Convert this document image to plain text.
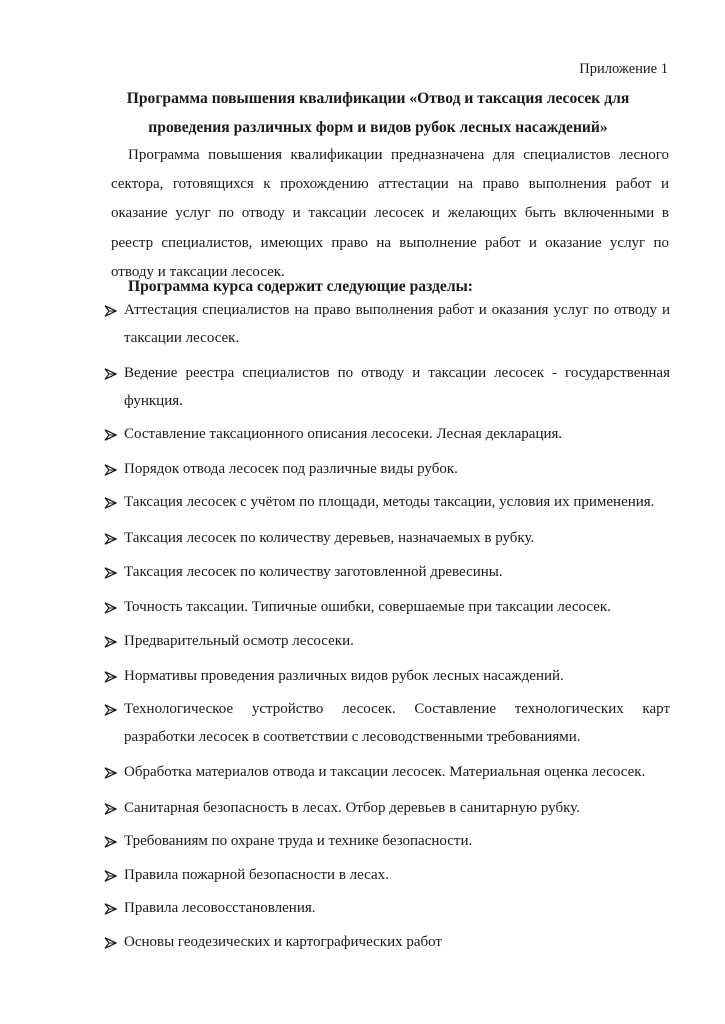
Приложение 1
Программа повышения квалификации «Отвод и таксация лесосек для проведения различных форм и видов рубок лесных насаждений»

Программа повышения квалификации предназначена для специалистов лесного сектора, готовящихся к прохождению аттестации на право выполнения работ и оказание услуг по отводу и таксации лесосек и желающих быть включенными в реестр специалистов, имеющих право на выполнение работ и оказание услуг по отводу и таксации лесосек.

Программа курса содержит следующие разделы:
Аттестация специалистов на право выполнения работ и оказания услуг по отводу и таксации лесосек.
Ведение реестра специалистов по отводу и таксации лесосек - государственная функция.
Составление таксационного описания лесосеки. Лесная декларация.
Порядок отвода лесосек под различные виды рубок.
Таксация лесосек с учётом по площади, методы таксации, условия их применения.
Таксация лесосек по количеству деревьев, назначаемых в рубку.
Таксация лесосек по количеству заготовленной древесины.
Точность таксации. Типичные ошибки, совершаемые при таксации лесосек.
Предварительный осмотр лесосеки.
Нормативы проведения различных видов рубок лесных насаждений.
Технологическое устройство лесосек. Составление технологических карт разработки лесосек в соответствии с лесоводственными требованиями.
Обработка материалов отвода и таксации лесосек. Материальная оценка лесосек.
Санитарная безопасность в лесах. Отбор деревьев в санитарную рубку.
Требованиям по охране труда и технике безопасности.
Правила пожарной безопасности в лесах.
Правила лесовосстановления.
Основы геодезических и картографических работ
